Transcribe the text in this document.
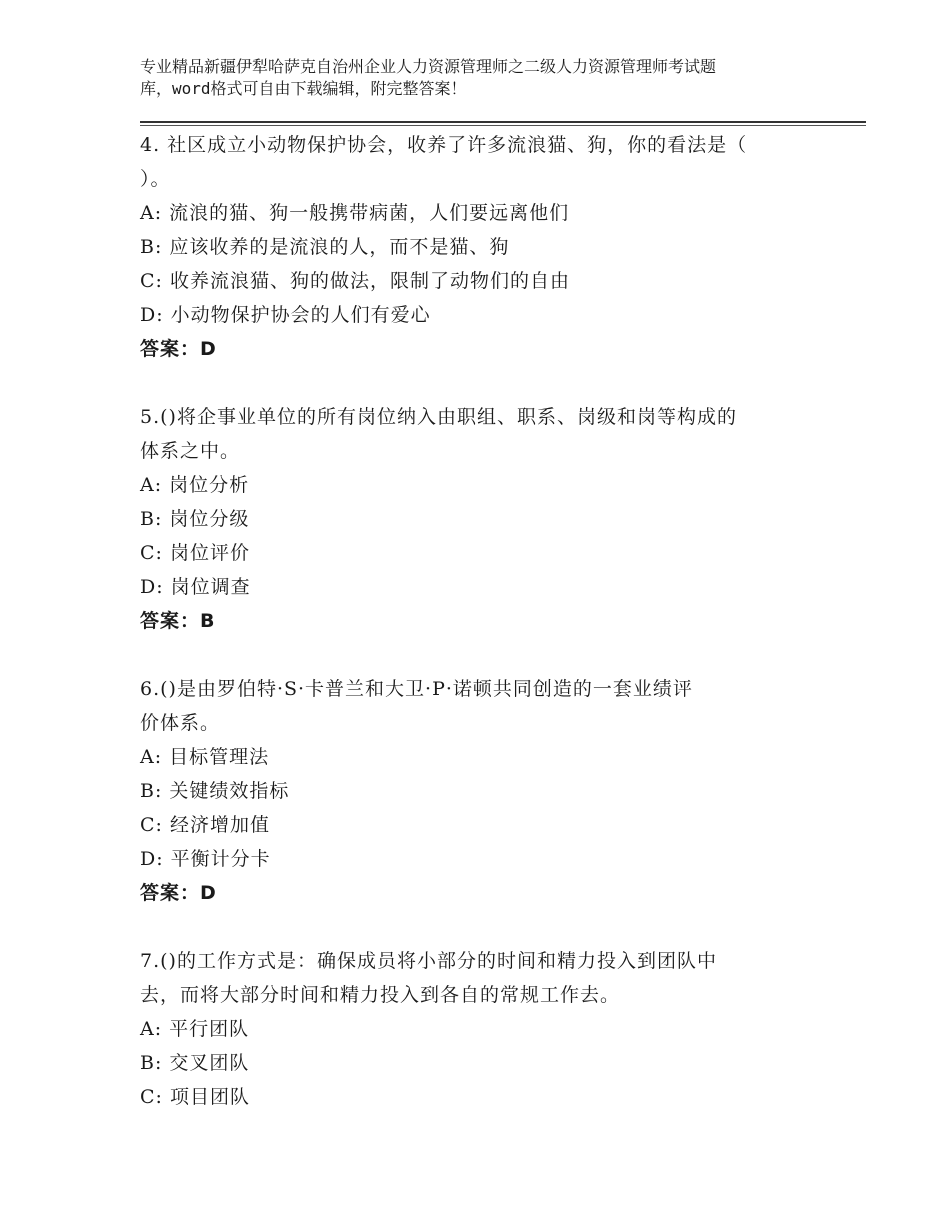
专业精品新疆伊犁哈萨克自治州企业人力资源管理师之二级人力资源管理师考试题
库，word格式可自由下载编辑，附完整答案！
4. 社区成立小动物保护协会，收养了许多流浪猫、狗，你的看法是（
）。
A: 流浪的猫、狗一般携带病菌，人们要远离他们
B: 应该收养的是流浪的人，而不是猫、狗
C: 收养流浪猫、狗的做法，限制了动物们的自由
D: 小动物保护协会的人们有爱心
答案：D
5.()将企事业单位的所有岗位纳入由职组、职系、岗级和岗等构成的
体系之中。
A: 岗位分析
B: 岗位分级
C: 岗位评价
D: 岗位调查
答案：B
6.()是由罗伯特·S·卡普兰和大卫·P·诺顿共同创造的一套业绩评
价体系。
A: 目标管理法
B: 关键绩效指标
C: 经济增加值
D: 平衡计分卡
答案：D
7.()的工作方式是：确保成员将小部分的时间和精力投入到团队中
去，而将大部分时间和精力投入到各自的常规工作去。
A: 平行团队
B: 交叉团队
C: 项目团队
